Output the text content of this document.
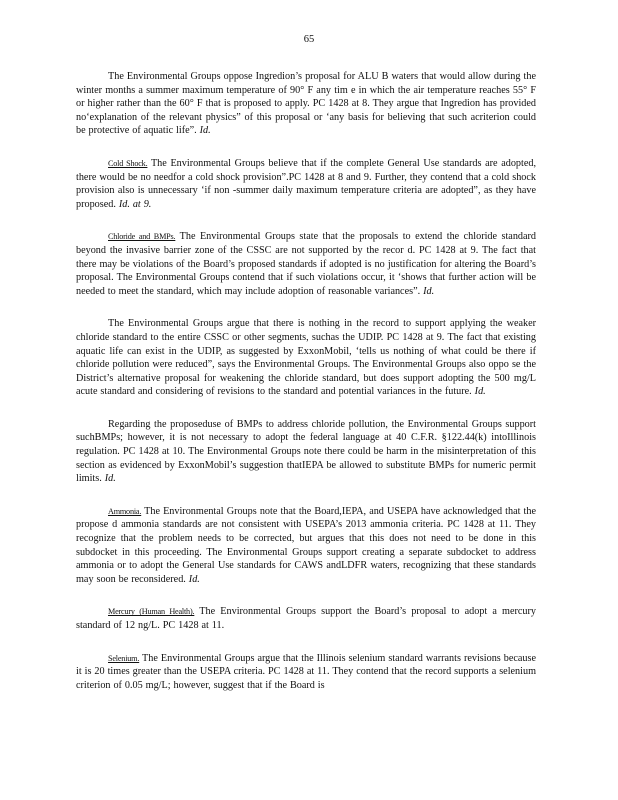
65

The Environmental Groups oppose Ingredion’s proposal for ALU B waters that would allow during the winter months a summer maximum temperature of 90° F any tim e in which the air temperature reaches 55° F or higher rather than the 60° F that is proposed to apply. PC 1428 at 8. They argue that Ingredion has provided no‘explanation of the relevant physics” of this proposal or ‘any basis for believing that such acriterion could be protective of aquatic life”. Id.

Cold Shock. The Environmental Groups believe that if the complete General Use standards are adopted, there would be no needfor a cold shock provision”.PC 1428 at 8 and 9. Further, they contend that a cold shock provision also is unnecessary ‘if non -summer daily maximum temperature criteria are adopted”, as they have proposed. Id. at 9.

Chloride and BMPs. The Environmental Groups state that the proposals to extend the chloride standard beyond the invasive barrier zone of the CSSC are not supported by the recor d. PC 1428 at 9. The fact that there may be violations of the Board’s proposed standards if adopted is no justification for altering the Board’s proposal. The Environmental Groups contend that if such violations occur, it ‘shows that further action will be needed to meet the standard, which may include adoption of reasonable variances”. Id.

The Environmental Groups argue that there is nothing in the record to support applying the weaker chloride standard to the entire CSSC or other segments, suchas the UDIP. PC 1428 at 9. The fact that existing aquatic life can exist in the UDIP, as suggested by ExxonMobil, ‘tells us nothing of what could be there if chloride pollution were reduced”, says the Environmental Groups. The Environmental Groups also oppo se the District’s alternative proposal for weakening the chloride standard, but does support adopting the 500 mg/L acute standard and considering of revisions to the standard and potential variances in the future. Id.

Regarding the proposeduse of BMPs to address chloride pollution, the Environmental Groups support suchBMPs; however, it is not necessary to adopt the federal language at 40 C.F.R. §122.44(k) intoIllinois regulation. PC 1428 at 10. The Environmental Groups note there could be harm in the misinterpretation of this section as evidenced by ExxonMobil’s suggestion thatIEPA be allowed to substitute BMPs for numeric permit limits. Id.

Ammonia. The Environmental Groups note that the Board,IEPA, and USEPA have acknowledged that the propose d ammonia standards are not consistent with USEPA’s 2013 ammonia criteria. PC 1428 at 11. They recognize that the problem needs to be corrected, but argues that this does not need to be done in this subdocket in this proceeding. The Environmental Groups support creating a separate subdocket to address ammonia or to adopt the General Use standards for CAWS andLDFR waters, recognizing that these standards may soon be reconsidered. Id.

Mercury (Human Health). The Environmental Groups support the Board’s proposal to adopt a mercury standard of 12 ng/L. PC 1428 at 11.

Selenium. The Environmental Groups argue that the Illinois selenium standard warrants revisions because it is 20 times greater than the USEPA criteria. PC 1428 at 11. They contend that the record supports a selenium criterion of 0.05 mg/L; however, suggest that if the Board is
